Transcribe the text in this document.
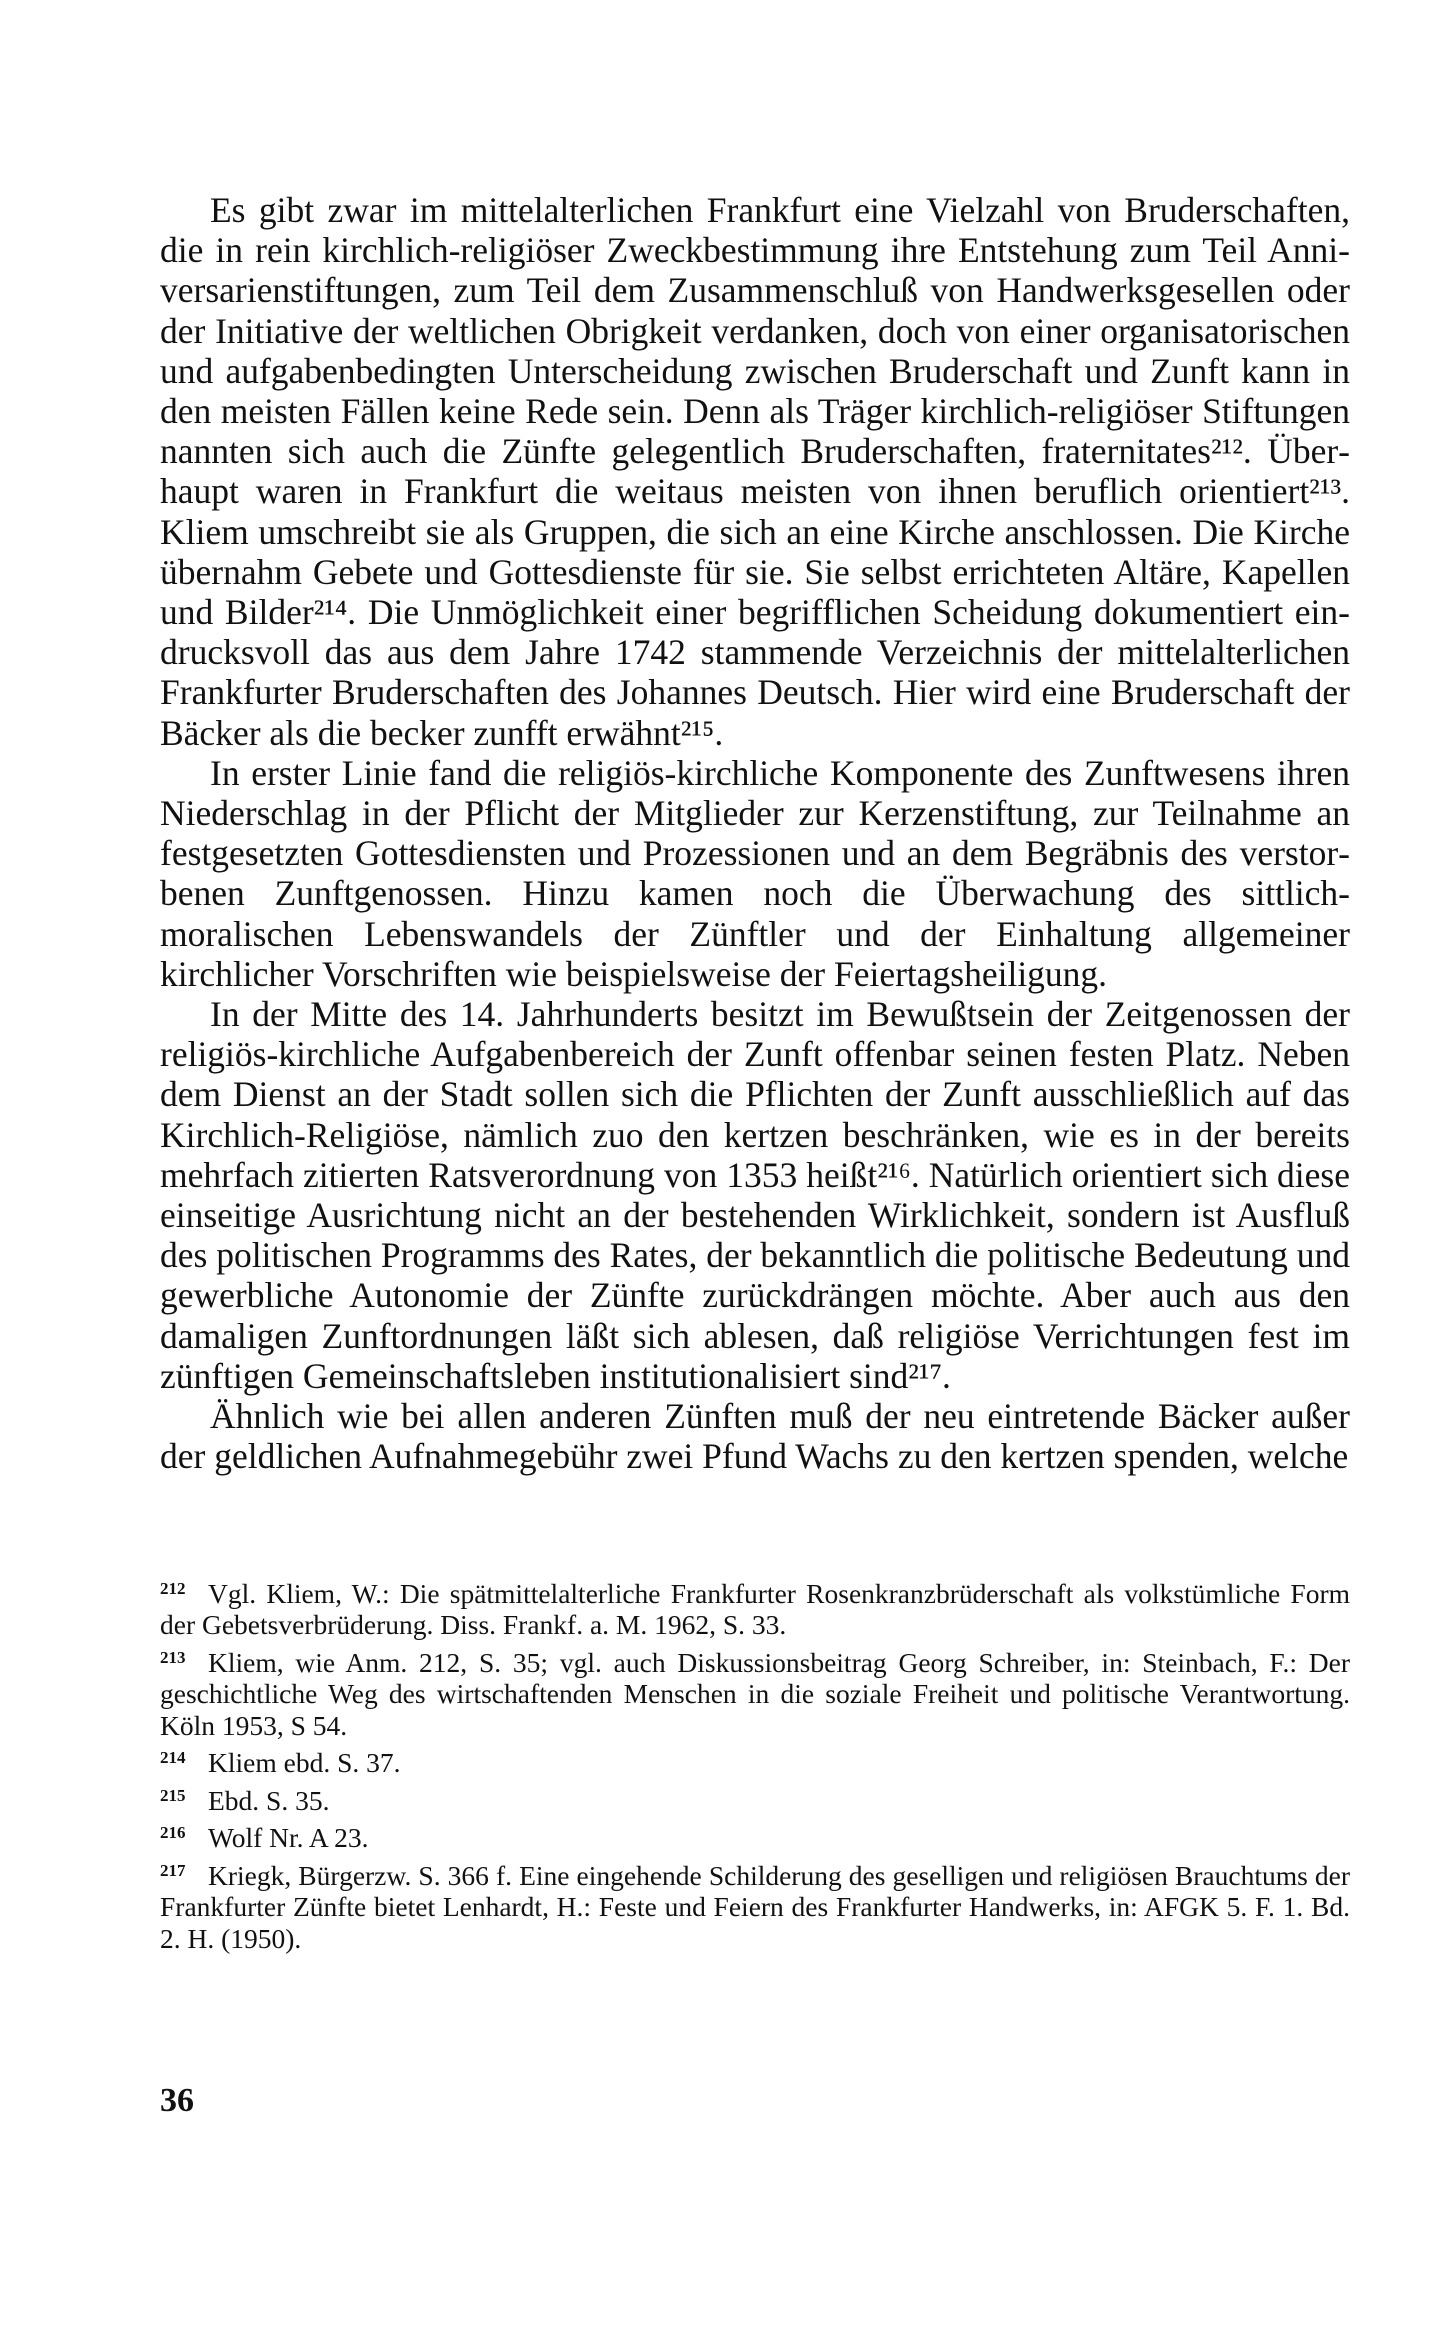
Es gibt zwar im mittelalterlichen Frankfurt eine Vielzahl von Bruderschaften, die in rein kirchlich-religiöser Zweckbestimmung ihre Entstehung zum Teil Anniversarienstiftungen, zum Teil dem Zusammenschluß von Handwerksgesellen oder der Initiative der weltlichen Obrigkeit verdanken, doch von einer organisatorischen und aufgabenbedingten Unterscheidung zwischen Bruderschaft und Zunft kann in den meisten Fällen keine Rede sein. Denn als Träger kirchlich-religiöser Stiftungen nannten sich auch die Zünfte gelegentlich Bruderschaften, fraternitates²¹². Überhaupt waren in Frankfurt die weitaus meisten von ihnen beruflich orientiert²¹³. Kliem umschreibt sie als Gruppen, die sich an eine Kirche anschlossen. Die Kirche übernahm Gebete und Gottesdienste für sie. Sie selbst errichteten Altäre, Kapellen und Bilder²¹⁴. Die Unmöglichkeit einer begrifflichen Scheidung dokumentiert eindrucksvoll das aus dem Jahre 1742 stammende Verzeichnis der mittelalterlichen Frankfurter Bruderschaften des Johannes Deutsch. Hier wird eine Bruderschaft der Bäcker als die becker zunfft erwähnt²¹⁵.

In erster Linie fand die religiös-kirchliche Komponente des Zunftwesens ihren Niederschlag in der Pflicht der Mitglieder zur Kerzenstiftung, zur Teilnahme an festgesetzten Gottesdiensten und Prozessionen und an dem Begräbnis des verstorbenen Zunftgenossen. Hinzu kamen noch die Überwachung des sittlich-moralischen Lebenswandels der Zünftler und der Einhaltung allgemeiner kirchlicher Vorschriften wie beispielsweise der Feiertagsheiligung.

In der Mitte des 14. Jahrhunderts besitzt im Bewußtsein der Zeitgenossen der religiös-kirchliche Aufgabenbereich der Zunft offenbar seinen festen Platz. Neben dem Dienst an der Stadt sollen sich die Pflichten der Zunft ausschließlich auf das Kirchlich-Religiöse, nämlich zuo den kertzen beschränken, wie es in der bereits mehrfach zitierten Ratsverordnung von 1353 heißt²¹⁶. Natürlich orientiert sich diese einseitige Ausrichtung nicht an der bestehenden Wirklichkeit, sondern ist Ausfluß des politischen Programms des Rates, der bekanntlich die politische Bedeutung und gewerbliche Autonomie der Zünfte zurückdrängen möchte. Aber auch aus den damaligen Zunftordnungen läßt sich ablesen, daß religiöse Verrichtungen fest im zünftigen Gemeinschaftsleben institutionalisiert sind²¹⁷.

Ähnlich wie bei allen anderen Zünften muß der neu eintretende Bäcker außer der geldlichen Aufnahmegebühr zwei Pfund Wachs zu den kertzen spenden, welche

212 Vgl. Kliem, W.: Die spätmittelalterliche Frankfurter Rosenkranzbrüderschaft als volkstümliche Form der Gebetsverbrüderung. Diss. Frankf. a. M. 1962, S. 33.

213 Kliem, wie Anm. 212, S. 35; vgl. auch Diskussionsbeitrag Georg Schreiber, in: Steinbach, F.: Der geschichtliche Weg des wirtschaftenden Menschen in die soziale Freiheit und politische Verantwortung. Köln 1953, S 54.

214 Kliem ebd. S. 37.

215 Ebd. S. 35.

216 Wolf Nr. A 23.

217 Kriegk, Bürgerzw. S. 366 f. Eine eingehende Schilderung des geselligen und religiösen Brauchtums der Frankfurter Zünfte bietet Lenhardt, H.: Feste und Feiern des Frankfurter Handwerks, in: AFGK 5. F. 1. Bd. 2. H. (1950).

36
